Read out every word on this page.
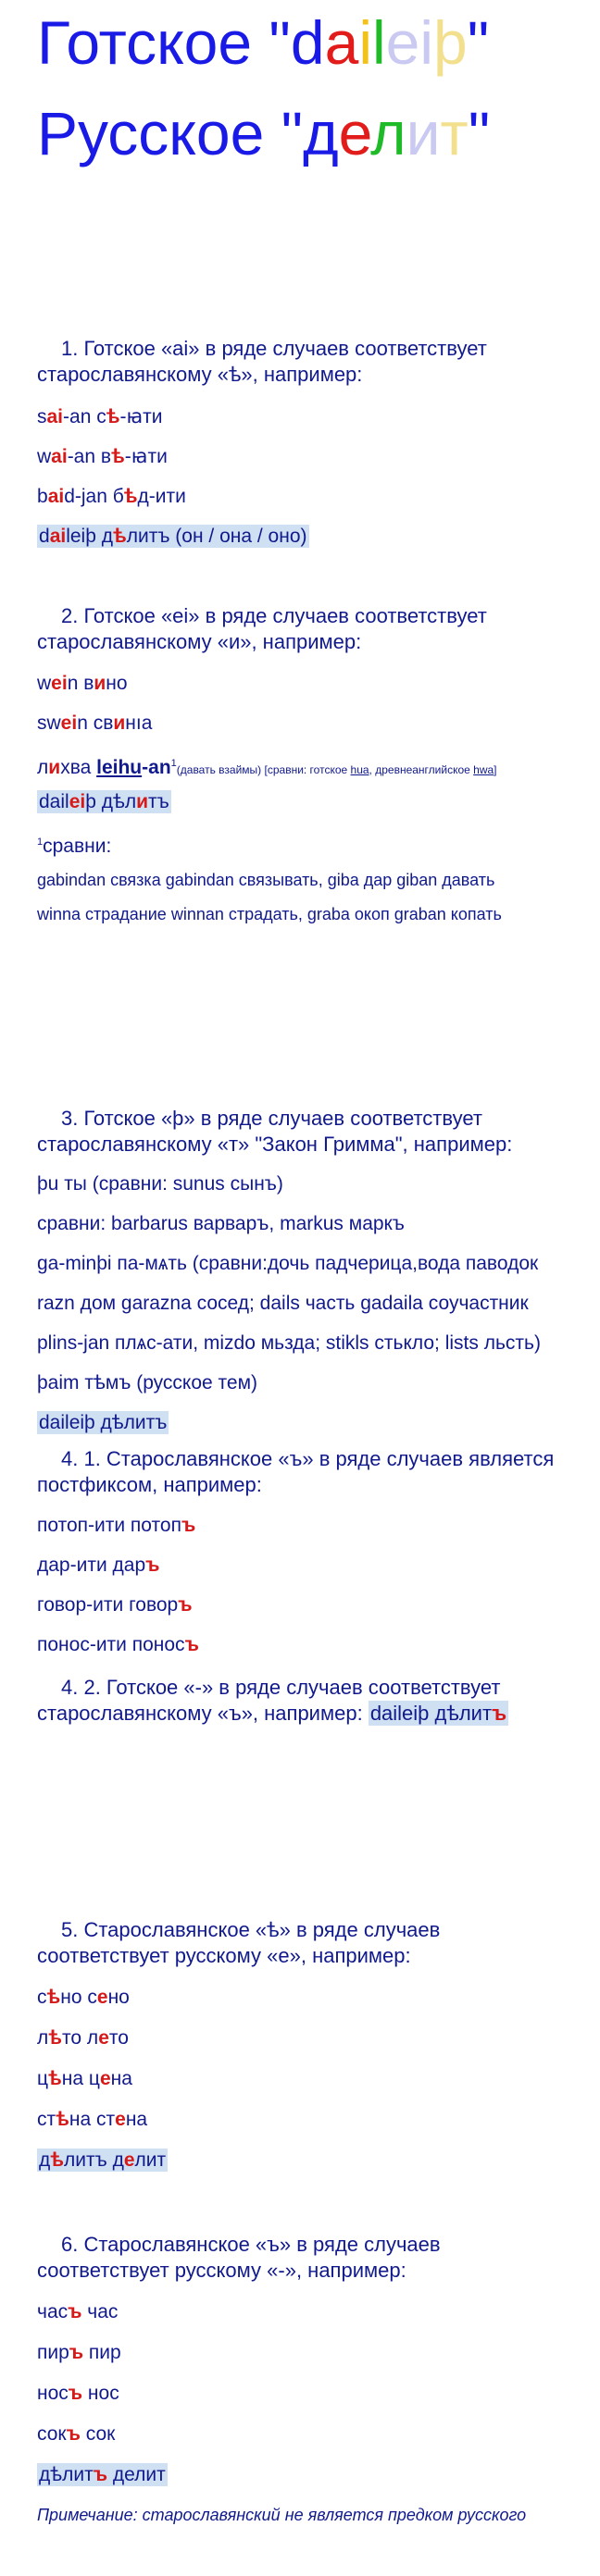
Готское "daileiþ"
Русское "делит"
1. Готское «ai» в ряде случаев соответствует старославянскому «ѣ», например:
sai-an сѣ-ꙗти
wai-an вѣ-ꙗти
baid-jan бѣд-ити
daileiþ дѣлитъ (он / она / оно)
2. Готское «ei» в ряде случаев соответствует старославянскому «и», например:
wein вино
swein свинıа
лихва leihu-$an^1(давать$ взаймы) [сравни: готское hua, древнеанглийское hwa]
daileiþ дѣлитъ
$^1$сравни:
gabindan связка gabindan связывать, giba дар giban давать
winna страдание winnan страдать, graba окоп graban копать
3. Готское «þ» в ряде случаев соответствует старославянскому «т» "Закон Гримма", например:
þu ты (сравни: sunus сынъ)
сравни: barbarus варваръ, markus маркъ
ga-minþi па-мѧть (сравни:дочь падчерица,вода паводок
razn дом garazna сосед; dails часть gadaila соучастник
plins-jan плѧс-ати, mizdo мьзда; stikls стькло; lists льсть)
þaim тѣмъ (русское тем)
daileiþ дѣлитъ
4. 1. Старославянское «ъ» в ряде случаев является постфиксом, например:
потоп-ити потопъ
дар-ити даръ
говор-ити говоръ
понос-ити поносъ
4. 2. Готское «-» в ряде случаев соответствует старославянскому «ъ», например: daileiþ дѣлитъ
5. Старославянское «ѣ» в ряде случаев соответствует русскому «е», например:
сѣно сено
лѣто лето
цѣна цена
стѣна стена
дѣлитъ делит
6. Старославянское «ъ» в ряде случаев соответствует русскому «-», например:
часъ час
пиръ пир
носъ нос
сокъ сок
дѣлитъ делит
Примечание: старославянский не является предком русского
